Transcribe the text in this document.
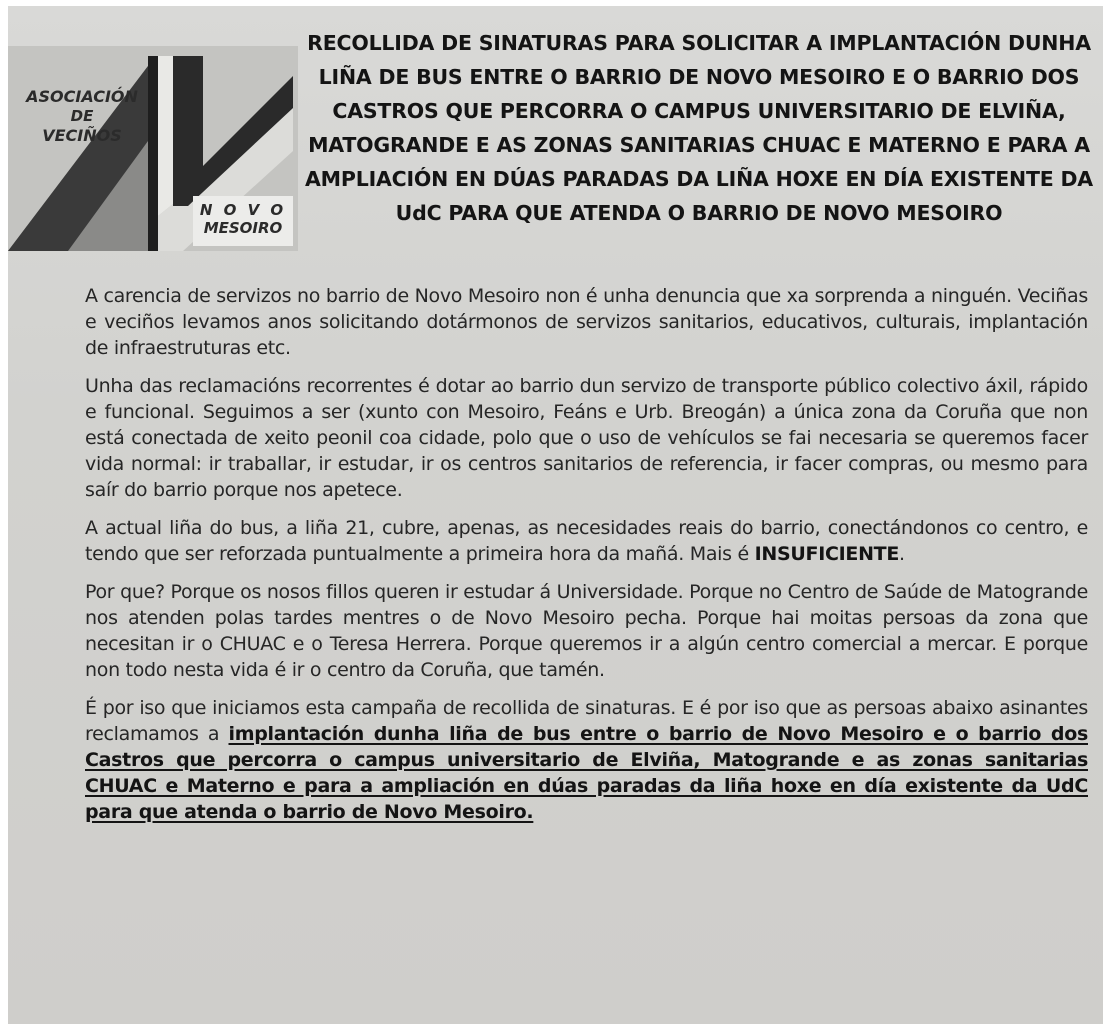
ASOCIACIÓN
DE
VECIÑOS
N O V O
MESOIRO
RECOLLIDA DE SINATURAS PARA SOLICITAR A IMPLANTACIÓN DUNHA LIÑA DE BUS ENTRE O BARRIO DE NOVO MESOIRO E O BARRIO DOS CASTROS QUE PERCORRA O CAMPUS UNIVERSITARIO DE ELVIÑA, MATOGRANDE E AS ZONAS SANITARIAS CHUAC E MATERNO E PARA A AMPLIACIÓN EN DÚAS PARADAS DA LIÑA HOXE EN DÍA EXISTENTE DA UdC PARA QUE ATENDA O BARRIO DE NOVO MESOIRO

A carencia de servizos no barrio de Novo Mesoiro non é unha denuncia que xa sorprenda a ninguén. Veciñas e veciños levamos anos solicitando dotármonos de servizos sanitarios, educativos, culturais, implantación de infraestruturas etc.

Unha das reclamacións recorrentes é dotar ao barrio dun servizo de transporte público colectivo áxil, rápido e funcional. Seguimos a ser (xunto con Mesoiro, Feáns e Urb. Breogán) a única zona da Coruña que non está conectada de xeito peonil coa cidade, polo que o uso de vehículos se fai necesaria se queremos facer vida normal: ir traballar, ir estudar, ir os centros sanitarios de referencia, ir facer compras, ou mesmo para saír do barrio porque nos apetece.

A actual liña do bus, a liña 21, cubre, apenas, as necesidades reais do barrio, conectándonos co centro, e tendo que ser reforzada puntualmente a primeira hora da mañá. Mais é INSUFICIENTE.

Por que? Porque os nosos fillos queren ir estudar á Universidade. Porque no Centro de Saúde de Matogrande nos atenden polas tardes mentres o de Novo Mesoiro pecha. Porque hai moitas persoas da zona que necesitan ir o CHUAC e o Teresa Herrera. Porque queremos ir a algún centro comercial a mercar. E porque non todo nesta vida é ir o centro da Coruña, que tamén.

É por iso que iniciamos esta campaña de recollida de sinaturas. E é por iso que as persoas abaixo asinantes reclamamos a implantación dunha liña de bus entre o barrio de Novo Mesoiro e o barrio dos Castros que percorra o campus universitario de Elviña, Matogrande e as zonas sanitarias CHUAC e Materno e para a ampliación en dúas paradas da liña hoxe en día existente da UdC para que atenda o barrio de Novo Mesoiro.
